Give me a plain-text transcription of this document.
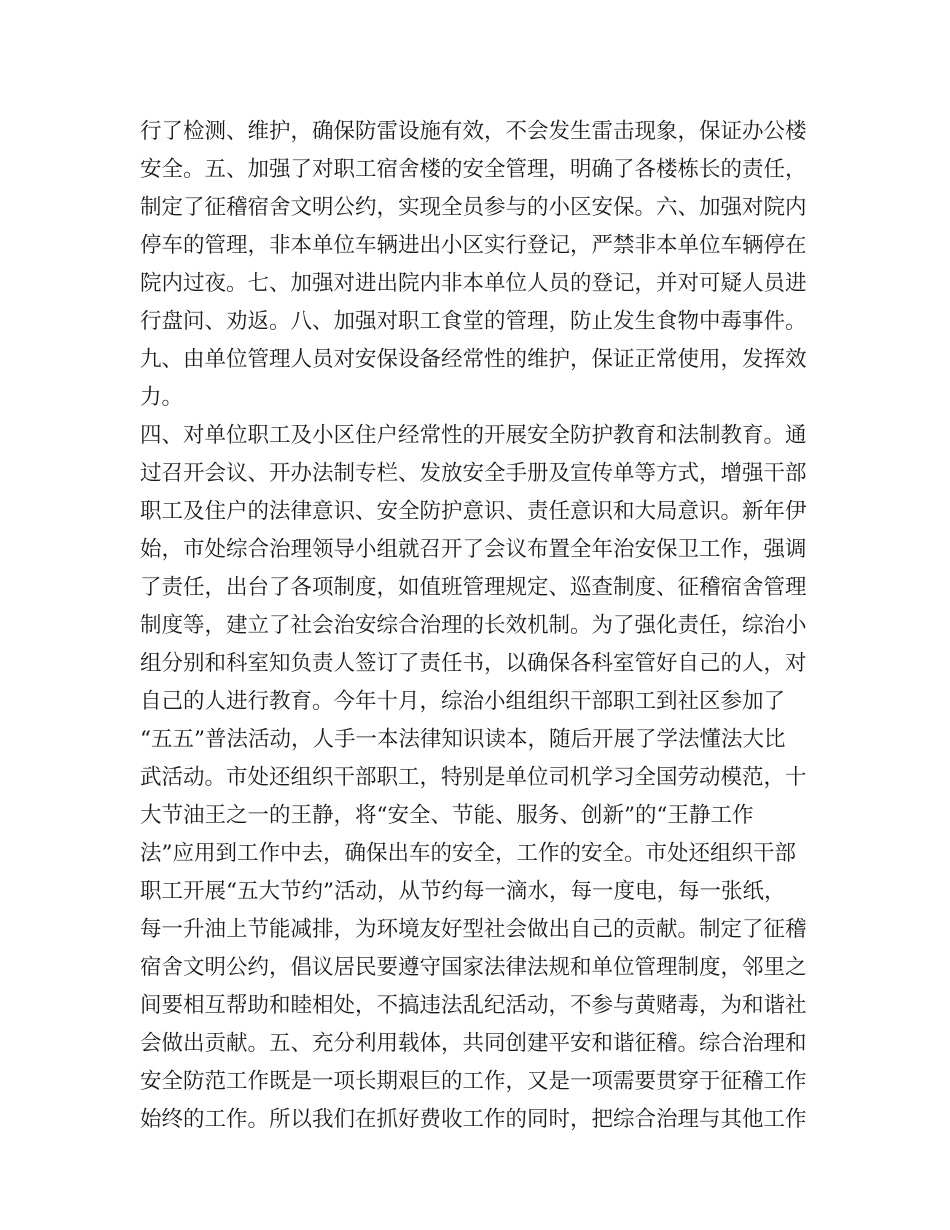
行了检测、维护，确保防雷设施有效，不会发生雷击现象，保证办公楼
安全。五、加强了对职工宿舍楼的安全管理，明确了各楼栋长的责任，
制定了征稽宿舍文明公约，实现全员参与的小区安保。六、加强对院内
停车的管理，非本单位车辆进出小区实行登记，严禁非本单位车辆停在
院内过夜。七、加强对进出院内非本单位人员的登记，并对可疑人员进
行盘问、劝返。八、加强对职工食堂的管理，防止发生食物中毒事件。
九、由单位管理人员对安保设备经常性的维护，保证正常使用，发挥效
力。
四、对单位职工及小区住户经常性的开展安全防护教育和法制教育。通
过召开会议、开办法制专栏、发放安全手册及宣传单等方式，增强干部
职工及住户的法律意识、安全防护意识、责任意识和大局意识。新年伊
始，市处综合治理领导小组就召开了会议布置全年治安保卫工作，强调
了责任，出台了各项制度，如值班管理规定、巡查制度、征稽宿舍管理
制度等，建立了社会治安综合治理的长效机制。为了强化责任，综治小
组分别和科室知负责人签订了责任书，以确保各科室管好自己的人，对
自己的人进行教育。今年十月，综治小组组织干部职工到社区参加了
“五五”普法活动，人手一本法律知识读本，随后开展了学法懂法大比
武活动。市处还组织干部职工，特别是单位司机学习全国劳动模范，十
大节油王之一的王静，将“安全、节能、服务、创新”的“王静工作
法”应用到工作中去，确保出车的安全，工作的安全。市处还组织干部
职工开展“五大节约”活动，从节约每一滴水，每一度电，每一张纸，
每一升油上节能减排，为环境友好型社会做出自己的贡献。制定了征稽
宿舍文明公约，倡议居民要遵守国家法律法规和单位管理制度，邻里之
间要相互帮助和睦相处，不搞违法乱纪活动，不参与黄赌毒，为和谐社
会做出贡献。五、充分利用载体，共同创建平安和谐征稽。综合治理和
安全防范工作既是一项长期艰巨的工作，又是一项需要贯穿于征稽工作
始终的工作。所以我们在抓好费收工作的同时，把综合治理与其他工作
